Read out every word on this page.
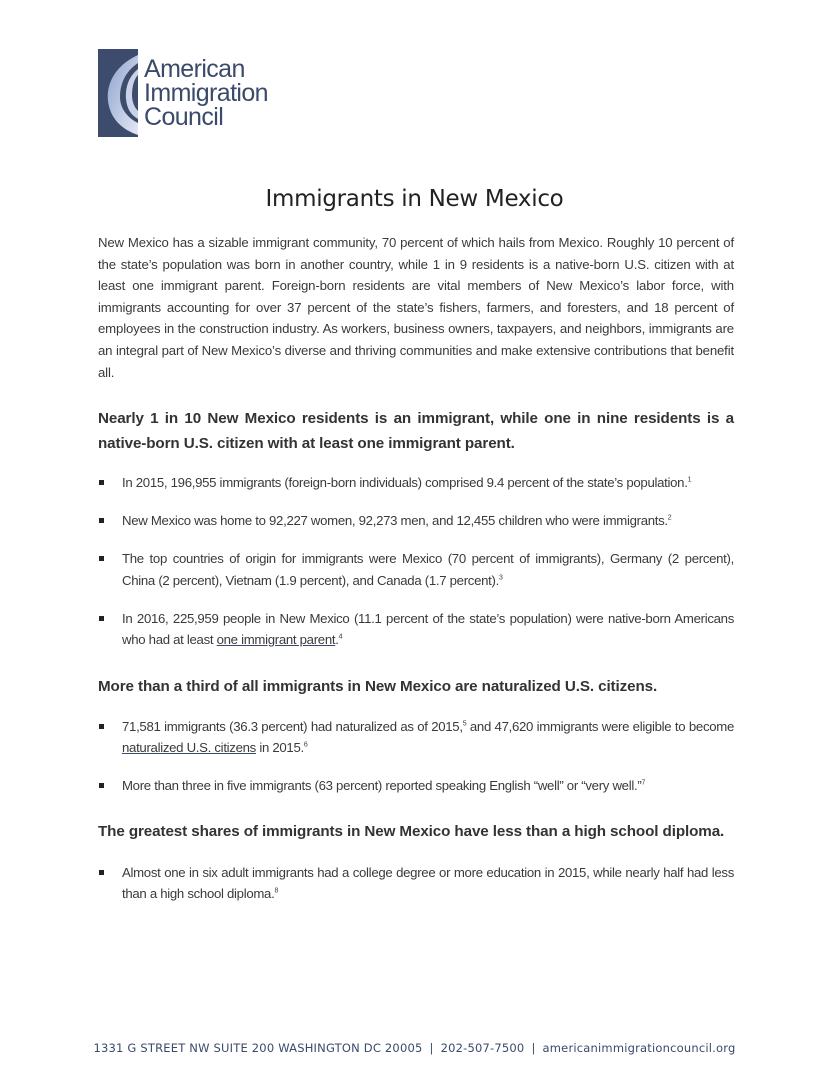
American
Immigration
Council
Immigrants in New Mexico
New Mexico has a sizable immigrant community, 70 percent of which hails from Mexico. Roughly 10 percent of the state’s population was born in another country, while 1 in 9 residents is a native-born U.S. citizen with at least one immigrant parent. Foreign-born residents are vital members of New Mexico’s labor force, with immigrants accounting for over 37 percent of the state’s fishers, farmers, and foresters, and 18 percent of employees in the construction industry. As workers, business owners, taxpayers, and neighbors, immigrants are an integral part of New Mexico’s diverse and thriving communities and make extensive contributions that benefit all.
Nearly 1 in 10 New Mexico residents is an immigrant, while one in nine residents is a native-born U.S. citizen with at least one immigrant parent.
In 2015, 196,955 immigrants (foreign-born individuals) comprised 9.4 percent of the state’s population.$^1$
New Mexico was home to 92,227 women, 92,273 men, and 12,455 children who were immigrants.$^2$
The top countries of origin for immigrants were Mexico (70 percent of immigrants), Germany (2 percent), China (2 percent), Vietnam (1.9 percent), and Canada (1.7 percent).$^3$
In 2016, 225,959 people in New Mexico (11.1 percent of the state’s population) were native-born Americans who had at least one immigrant parent.$^4$
More than a third of all immigrants in New Mexico are naturalized U.S. citizens.
71,581 immigrants (36.3 percent) had naturalized as of 2015,$^5$ and 47,620 immigrants were eligible to become naturalized U.S. citizens in 2015.$^6$
More than three in five immigrants (63 percent) reported speaking English “well” or “very well.”$^7$
The greatest shares of immigrants in New Mexico have less than a high school diploma.
Almost one in six adult immigrants had a college degree or more education in 2015, while nearly half had less than a high school diploma.$^8$
1331 G STREET NW SUITE 200 WASHINGTON DC 20005 | 202-507-7500 | americanimmigrationcouncil.org
